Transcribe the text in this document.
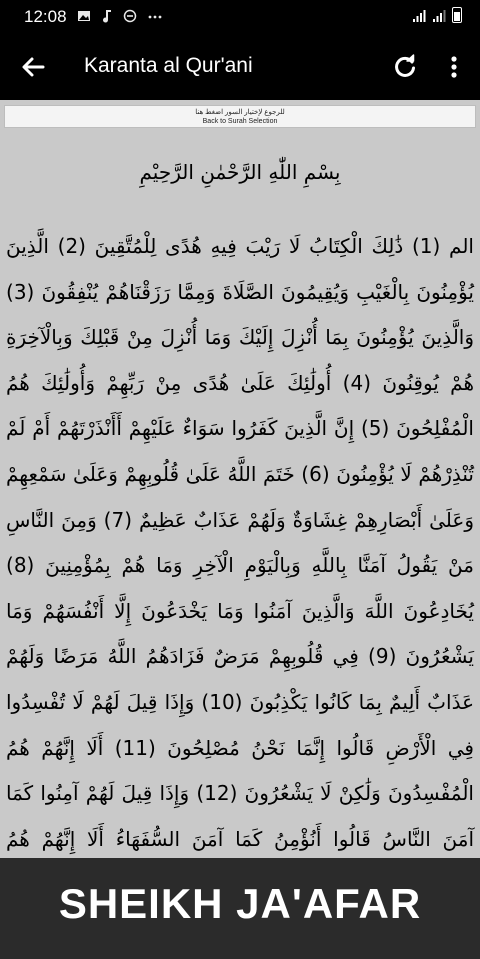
12:08
Karanta al Qur'ani
للرجوع لإختيار السور اضغط هنا
Back to Surah Selection
بِسْمِ اللّٰهِ الرَّحْمٰنِ الرَّحِيْمِ
الم (1) ذَٰلِكَ الْكِتَابُ لَا رَيْبَ فِيهِ هُدًى لِلْمُتَّقِينَ (2) الَّذِينَ يُؤْمِنُونَ بِالْغَيْبِ وَيُقِيمُونَ الصَّلَاةَ وَمِمَّا رَزَقْنَاهُمْ يُنْفِقُونَ (3) وَالَّذِينَ يُؤْمِنُونَ بِمَا أُنْزِلَ إِلَيْكَ وَمَا أُنْزِلَ مِنْ قَبْلِكَ وَبِالْآخِرَةِ هُمْ يُوقِنُونَ (4) أُولَٰئِكَ عَلَىٰ هُدًى مِنْ رَبِّهِمْ وَأُولَٰئِكَ هُمُ الْمُفْلِحُونَ (5) إِنَّ الَّذِينَ كَفَرُوا سَوَاءٌ عَلَيْهِمْ أَأَنْذَرْتَهُمْ أَمْ لَمْ تُنْذِرْهُمْ لَا يُؤْمِنُونَ (6) خَتَمَ اللَّهُ عَلَىٰ قُلُوبِهِمْ وَعَلَىٰ سَمْعِهِمْ وَعَلَىٰ أَبْصَارِهِمْ غِشَاوَةٌ وَلَهُمْ عَذَابٌ عَظِيمٌ (7) وَمِنَ النَّاسِ مَنْ يَقُولُ آمَنَّا بِاللَّهِ وَبِالْيَوْمِ الْآخِرِ وَمَا هُمْ بِمُؤْمِنِينَ (8) يُخَادِعُونَ اللَّهَ وَالَّذِينَ آمَنُوا وَمَا يَخْدَعُونَ إِلَّا أَنْفُسَهُمْ وَمَا يَشْعُرُونَ (9) فِي قُلُوبِهِمْ مَرَضٌ فَزَادَهُمُ اللَّهُ مَرَضًا وَلَهُمْ عَذَابٌ أَلِيمٌ بِمَا كَانُوا يَكْذِبُونَ (10) وَإِذَا قِيلَ لَهُمْ لَا تُفْسِدُوا فِي الْأَرْضِ قَالُوا إِنَّمَا نَحْنُ مُصْلِحُونَ (11) أَلَا إِنَّهُمْ هُمُ الْمُفْسِدُونَ وَلَٰكِنْ لَا يَشْعُرُونَ (12) وَإِذَا قِيلَ لَهُمْ آمِنُوا كَمَا آمَنَ النَّاسُ قَالُوا أَنُؤْمِنُ كَمَا آمَنَ السُّفَهَاءُ أَلَا إِنَّهُمْ هُمُ
SHEIKH JA'AFAR
